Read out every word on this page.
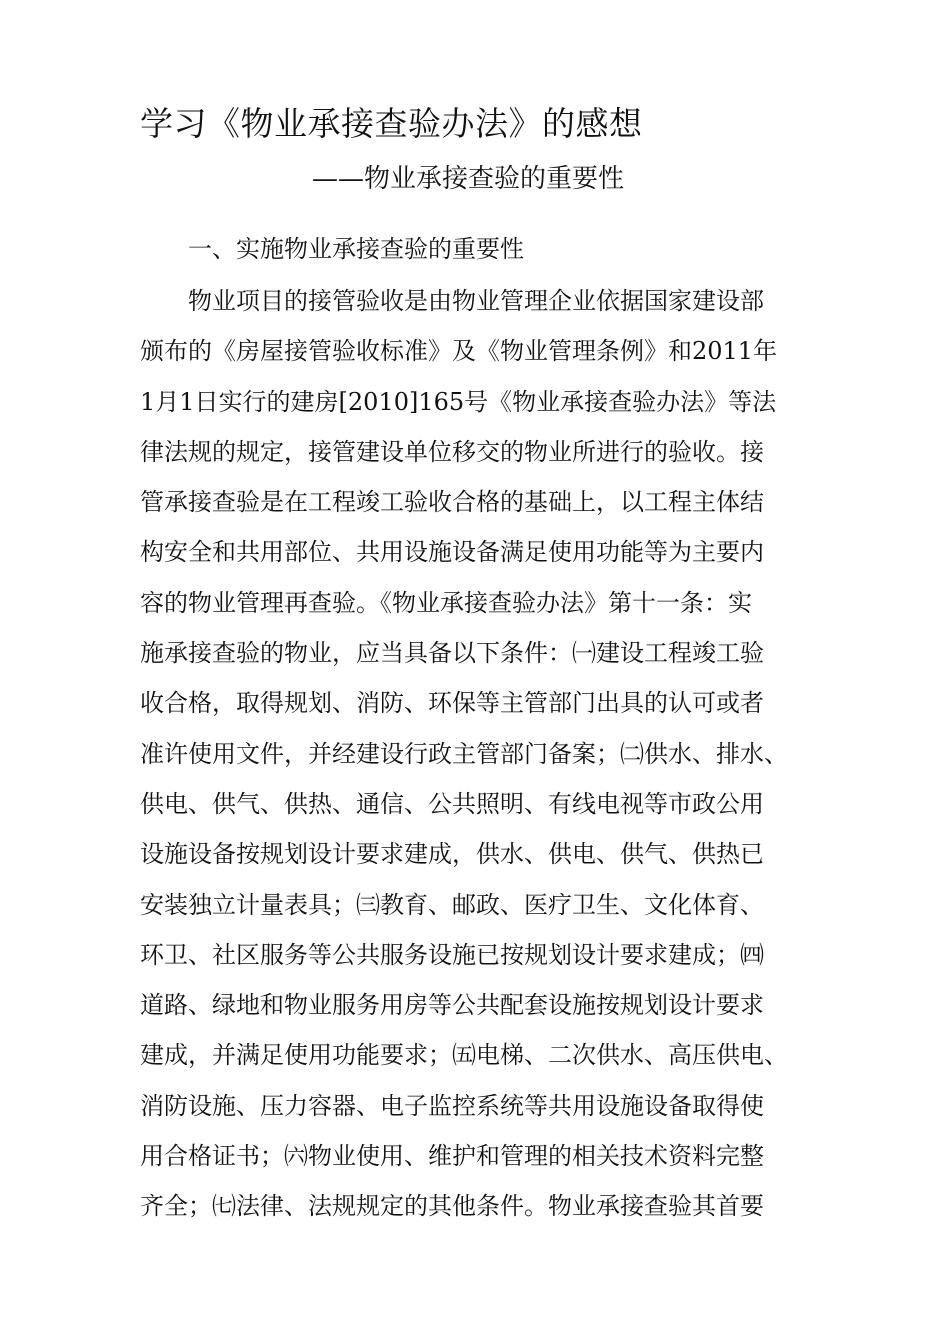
学习《物业承接查验办法》的感想
——物业承接查验的重要性
一、实施物业承接查验的重要性
物业项目的接管验收是由物业管理企业依据国家建设部
颁布的《房屋接管验收标准》及《物业管理条例》和2011年
1月1日实行的建房[2010]165号《物业承接查验办法》等法
律法规的规定，接管建设单位移交的物业所进行的验收。接
管承接查验是在工程竣工验收合格的基础上，以工程主体结
构安全和共用部位、共用设施设备满足使用功能等为主要内
容的物业管理再查验。《物业承接查验办法》第十一条：实
施承接查验的物业，应当具备以下条件：㈠建设工程竣工验
收合格，取得规划、消防、环保等主管部门出具的认可或者
准许使用文件，并经建设行政主管部门备案；㈡供水、排水、
供电、供气、供热、通信、公共照明、有线电视等市政公用
设施设备按规划设计要求建成，供水、供电、供气、供热已
安装独立计量表具；㈢教育、邮政、医疗卫生、文化体育、
环卫、社区服务等公共服务设施已按规划设计要求建成；㈣
道路、绿地和物业服务用房等公共配套设施按规划设计要求
建成，并满足使用功能要求；㈤电梯、二次供水、高压供电、
消防设施、压力容器、电子监控系统等共用设施设备取得使
用合格证书；㈥物业使用、维护和管理的相关技术资料完整
齐全；㈦法律、法规规定的其他条件。物业承接查验其首要
